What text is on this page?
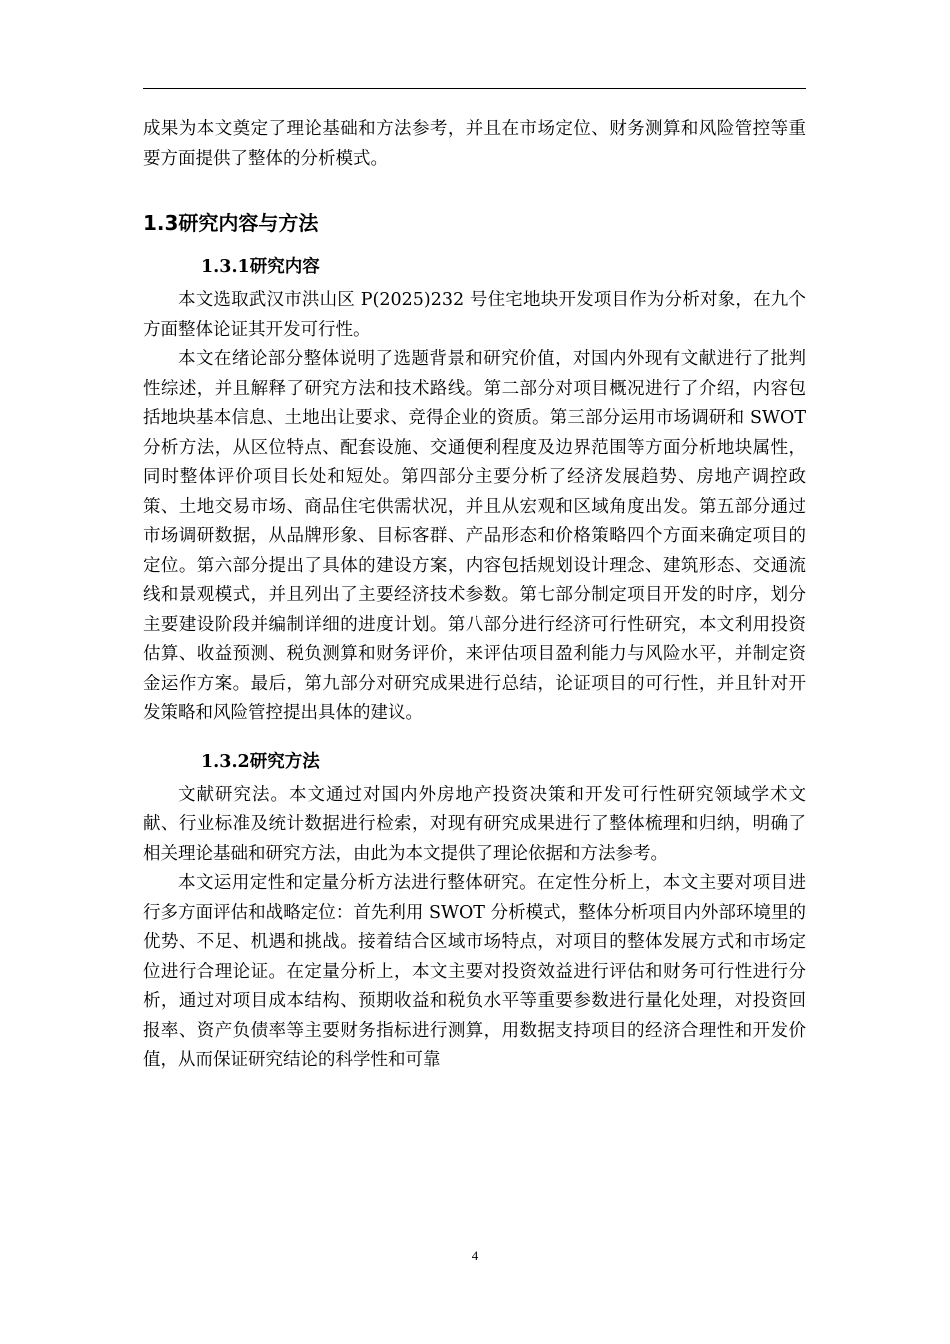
成果为本文奠定了理论基础和方法参考，并且在市场定位、财务测算和风险管控等重要方面提供了整体的分析模式。

1.3研究内容与方法
1.3.1研究内容

本文选取武汉市洪山区 P(2025)232 号住宅地块开发项目作为分析对象，在九个方面整体论证其开发可行性。

本文在绪论部分整体说明了选题背景和研究价值，对国内外现有文献进行了批判性综述，并且解释了研究方法和技术路线。第二部分对项目概况进行了介绍，内容包括地块基本信息、土地出让要求、竞得企业的资质。第三部分运用市场调研和 SWOT 分析方法，从区位特点、配套设施、交通便利程度及边界范围等方面分析地块属性，同时整体评价项目长处和短处。第四部分主要分析了经济发展趋势、房地产调控政策、土地交易市场、商品住宅供需状况，并且从宏观和区域角度出发。第五部分通过市场调研数据，从品牌形象、目标客群、产品形态和价格策略四个方面来确定项目的定位。第六部分提出了具体的建设方案，内容包括规划设计理念、建筑形态、交通流线和景观模式，并且列出了主要经济技术参数。第七部分制定项目开发的时序，划分主要建设阶段并编制详细的进度计划。第八部分进行经济可行性研究，本文利用投资估算、收益预测、税负测算和财务评价，来评估项目盈利能力与风险水平，并制定资金运作方案。最后，第九部分对研究成果进行总结，论证项目的可行性，并且针对开发策略和风险管控提出具体的建议。

1.3.2研究方法

文献研究法。本文通过对国内外房地产投资决策和开发可行性研究领域学术文献、行业标准及统计数据进行检索，对现有研究成果进行了整体梳理和归纳，明确了相关理论基础和研究方法，由此为本文提供了理论依据和方法参考。

本文运用定性和定量分析方法进行整体研究。在定性分析上，本文主要对项目进行多方面评估和战略定位：首先利用 SWOT 分析模式，整体分析项目内外部环境里的优势、不足、机遇和挑战。接着结合区域市场特点，对项目的整体发展方式和市场定位进行合理论证。在定量分析上，本文主要对投资效益进行评估和财务可行性进行分析，通过对项目成本结构、预期收益和税负水平等重要参数进行量化处理，对投资回报率、资产负债率等主要财务指标进行测算，用数据支持项目的经济合理性和开发价值，从而保证研究结论的科学性和可靠

4
